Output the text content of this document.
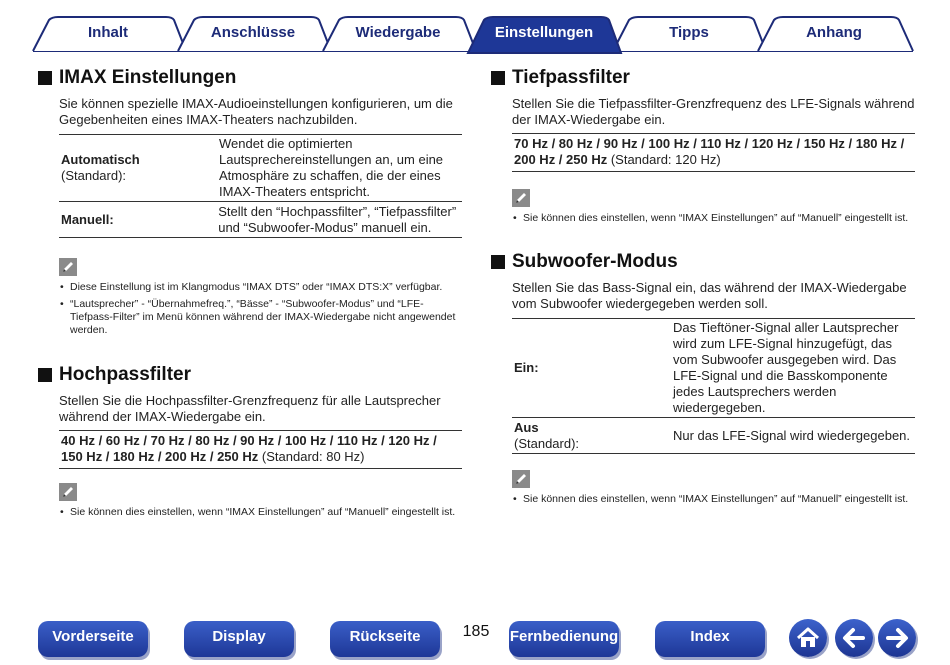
Inhalt	Anschlüsse	Wiedergabe	Einstellungen	Tipps	Anhang
IMAX Einstellungen

Sie können spezielle IMAX-Audioeinstellungen konfigurieren, um die Gegebenheiten eines IMAX-Theaters nachzubilden.

Automatisch
(Standard):
Wendet die optimierten Lautsprechereinstellungen an, um eine Atmosphäre zu schaffen, die der eines IMAX-Theaters entspricht.
Manuell:
Stellt den “Hochpassfilter”, “Tiefpassfilter” und “Subwoofer-Modus” manuell ein.
• Diese Einstellung ist im Klangmodus “IMAX DTS” oder “IMAX DTS:X” verfügbar.
• “Lautsprecher” - “Übernahmefreq.”, “Bässe” - “Subwoofer-Modus” und “LFE-Tiefpass-Filter” im Menü können während der IMAX-Wiedergabe nicht angewendet werden.
Hochpassfilter

Stellen Sie die Hochpassfilter-Grenzfrequenz für alle Lautsprecher während der IMAX-Wiedergabe ein.

40 Hz / 60 Hz / 70 Hz / 80 Hz / 90 Hz / 100 Hz / 110 Hz / 120 Hz / 150 Hz / 180 Hz / 200 Hz / 250 Hz (Standard: 80 Hz)
• Sie können dies einstellen, wenn “IMAX Einstellungen” auf “Manuell” eingestellt ist.
Tiefpassfilter

Stellen Sie die Tiefpassfilter-Grenzfrequenz des LFE-Signals während der IMAX-Wiedergabe ein.

70 Hz / 80 Hz / 90 Hz / 100 Hz / 110 Hz / 120 Hz / 150 Hz / 180 Hz / 200 Hz / 250 Hz (Standard: 120 Hz)
• Sie können dies einstellen, wenn “IMAX Einstellungen” auf “Manuell” eingestellt ist.
Subwoofer-Modus

Stellen Sie das Bass-Signal ein, das während der IMAX-Wiedergabe vom Subwoofer wiedergegeben werden soll.

Ein:
Das Tieftöner-Signal aller Lautsprecher wird zum LFE-Signal hinzugefügt, das vom Subwoofer ausgegeben wird. Das LFE-Signal und die Basskomponente jedes Lautsprechers werden wiedergegeben.
Aus
(Standard):
Nur das LFE-Signal wird wiedergegeben.
• Sie können dies einstellen, wenn “IMAX Einstellungen” auf “Manuell” eingestellt ist.
Vorderseite	Display	Rückseite	185	Fernbedienung	Index
